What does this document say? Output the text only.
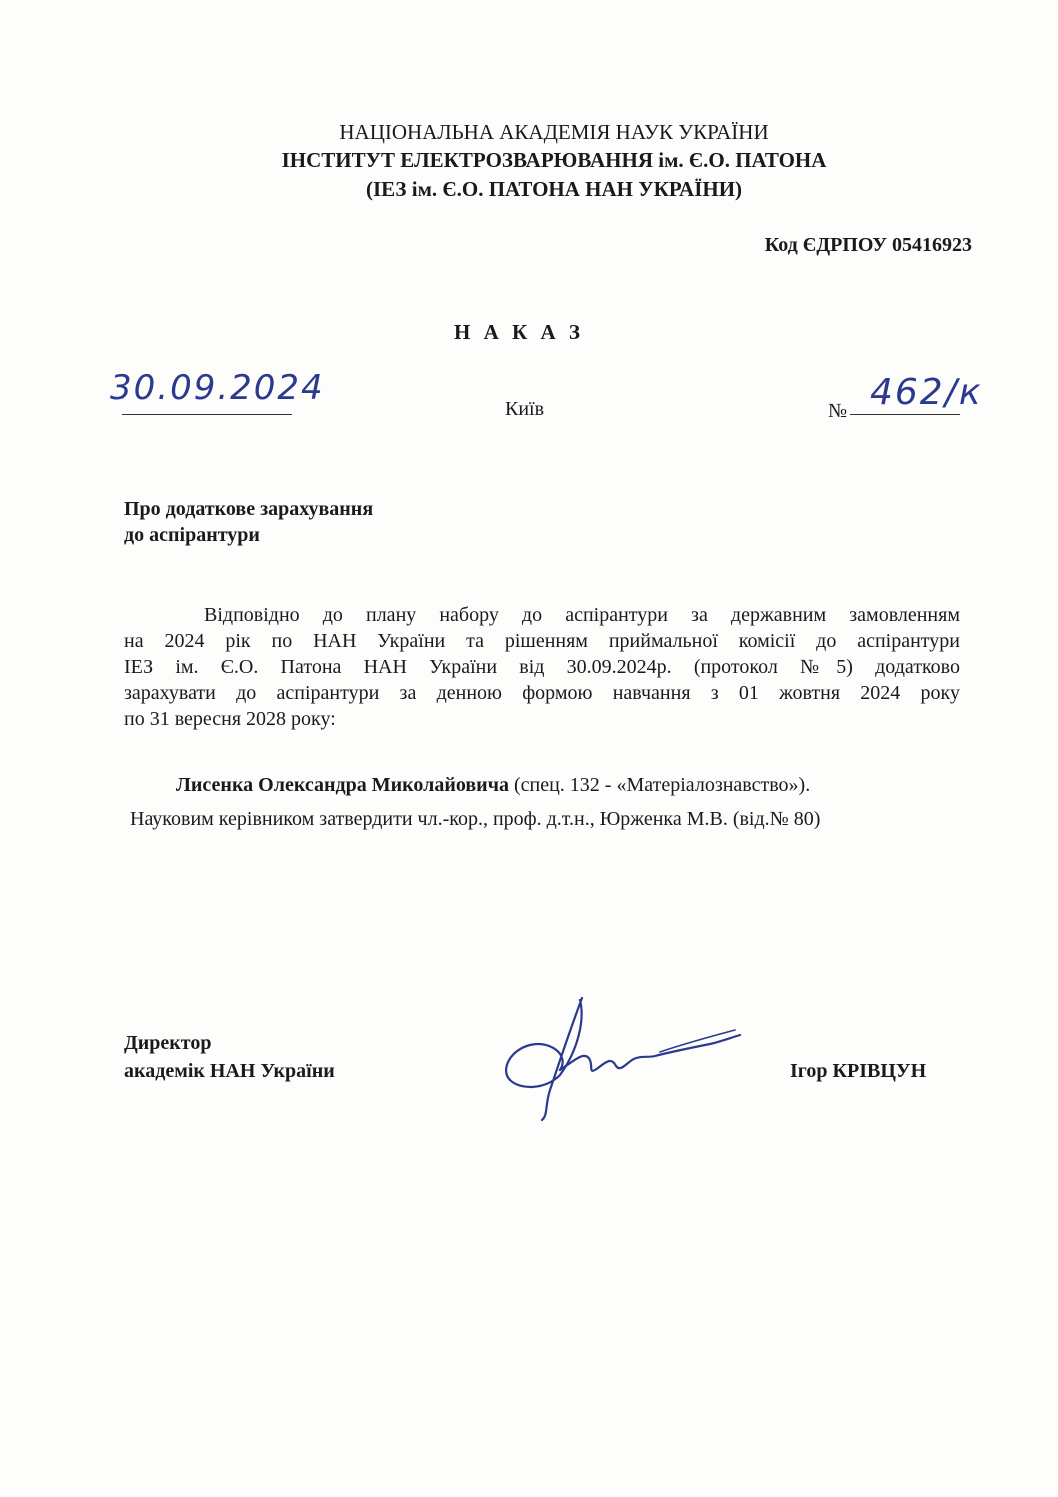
НАЦІОНАЛЬНА АКАДЕМІЯ НАУК УКРАЇНИ
ІНСТИТУТ ЕЛЕКТРОЗВАРЮВАННЯ ім. Є.О. ПАТОНА
(ІЕЗ ім. Є.О. ПАТОНА НАН УКРАЇНИ)
Код ЄДРПОУ 05416923
Н А К А З
30.09.2024
Київ	№ 462/к
Про додаткове зарахування
до аспірантури
Відповідно до плану набору до аспірантури за державним замовленням
на 2024 рік по НАН України та рішенням приймальної комісії до аспірантури
ІЕЗ ім. Є.О. Патона НАН України від 30.09.2024р. (протокол №5) додатково
зарахувати до аспірантури за денною формою навчання з 01 жовтня 2024 року
по 31 вересня 2028 року:
Лисенка Олександра Миколайовича (спец. 132 - «Матеріалознавство»).
Науковим керівником затвердити чл.-кор., проф. д.т.н., Юрженка М.В. (від.№ 80)
Директор
академік НАН України	Ігор КРІВЦУН
